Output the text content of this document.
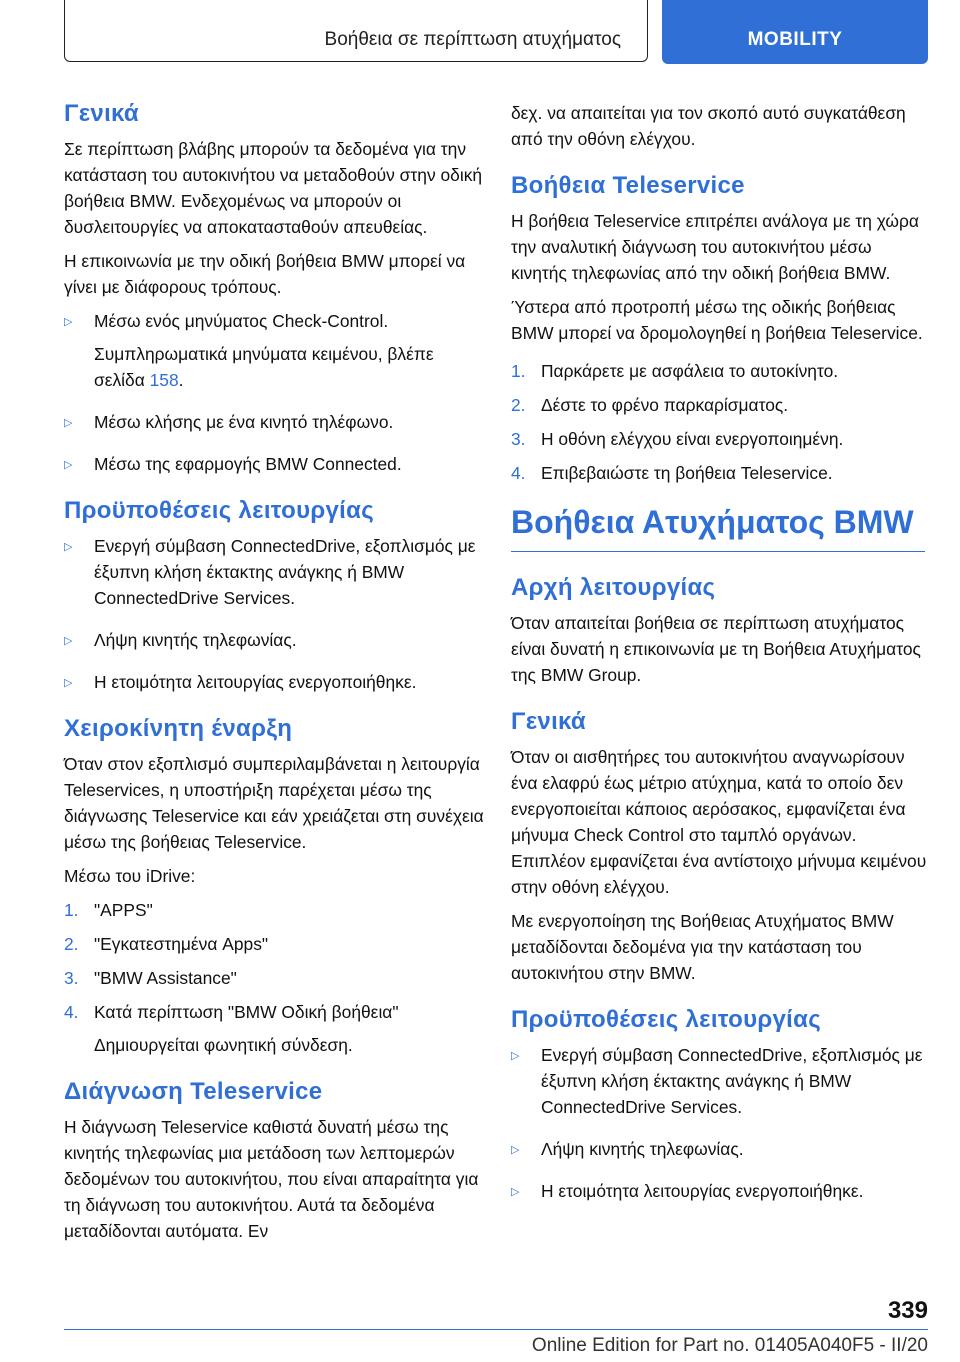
Βοήθεια σε περίπτωση ατυχήματος	MOBILITY
Γενικά

Σε περίπτωση βλάβης μπορούν τα δεδομένα για την κατάσταση του αυτοκινήτου να μεταδοθούν στην οδική βοήθεια BMW. Ενδεχομένως να μπορούν οι δυσλειτουργίες να αποκατασταθούν απευθείας.

Η επικοινωνία με την οδική βοήθεια BMW μπορεί να γίνει με διάφορους τρόπους.

▷ Μέσω ενός μηνύματος Check-Control.
Συμπληρωματικά μηνύματα κειμένου, βλέπε σελίδα 158.
▷ Μέσω κλήσης με ένα κινητό τηλέφωνο.
▷ Μέσω της εφαρμογής BMW Connected.
Προϋποθέσεις λειτουργίας
▷ Ενεργή σύμβαση ConnectedDrive, εξοπλισμός με έξυπνη κλήση έκτακτης ανάγκης ή BMW ConnectedDrive Services.
▷ Λήψη κινητής τηλεφωνίας.
▷ Η ετοιμότητα λειτουργίας ενεργοποιήθηκε.
Χειροκίνητη έναρξη

Όταν στον εξοπλισμό συμπεριλαμβάνεται η λειτουργία Teleservices, η υποστήριξη παρέχεται μέσω της διάγνωσης Teleservice και εάν χρειάζεται στη συνέχεια μέσω της βοήθειας Teleservice.

Μέσω του iDrive:

1. "APPS"
2. "Εγκατεστημένα Apps"
3. "BMW Assistance"
4. Κατά περίπτωση "BMW Οδική βοήθεια"
Δημιουργείται φωνητική σύνδεση.
Διάγνωση Teleservice

Η διάγνωση Teleservice καθιστά δυνατή μέσω της κινητής τηλεφωνίας μια μετάδοση των λεπτομερών δεδομένων του αυτοκινήτου, που είναι απαραίτητα για τη διάγνωση του αυτοκινήτου. Αυτά τα δεδομένα μεταδίδονται αυτόματα. Εν

δεχ. να απαιτείται για τον σκοπό αυτό συγκατάθεση από την οθόνη ελέγχου.

Βοήθεια Teleservice

Η βοήθεια Teleservice επιτρέπει ανάλογα με τη χώρα την αναλυτική διάγνωση του αυτοκινήτου μέσω κινητής τηλεφωνίας από την οδική βοήθεια BMW.

Ύστερα από προτροπή μέσω της οδικής βοήθειας BMW μπορεί να δρομολογηθεί η βοήθεια Teleservice.

1. Παρκάρετε με ασφάλεια το αυτοκίνητο.
2. Δέστε το φρένο παρκαρίσματος.
3. Η οθόνη ελέγχου είναι ενεργοποιημένη.
4. Επιβεβαιώστε τη βοήθεια Teleservice.
Βοήθεια Ατυχήματος BMW
Αρχή λειτουργίας

Όταν απαιτείται βοήθεια σε περίπτωση ατυχήματος είναι δυνατή η επικοινωνία με τη Βοήθεια Ατυχήματος της BMW Group.

Γενικά

Όταν οι αισθητήρες του αυτοκινήτου αναγνωρίσουν ένα ελαφρύ έως μέτριο ατύχημα, κατά το οποίο δεν ενεργοποιείται κάποιος αερόσακος, εμφανίζεται ένα μήνυμα Check Control στο ταμπλό οργάνων. Επιπλέον εμφανίζεται ένα αντίστοιχο μήνυμα κειμένου στην οθόνη ελέγχου.

Με ενεργοποίηση της Βοήθειας Ατυχήματος BMW μεταδίδονται δεδομένα για την κατάσταση του αυτοκινήτου στην BMW.

Προϋποθέσεις λειτουργίας
▷ Ενεργή σύμβαση ConnectedDrive, εξοπλισμός με έξυπνη κλήση έκτακτης ανάγκης ή BMW ConnectedDrive Services.
▷ Λήψη κινητής τηλεφωνίας.
▷ Η ετοιμότητα λειτουργίας ενεργοποιήθηκε.
339
Online Edition for Part no. 01405A040F5 - II/20
